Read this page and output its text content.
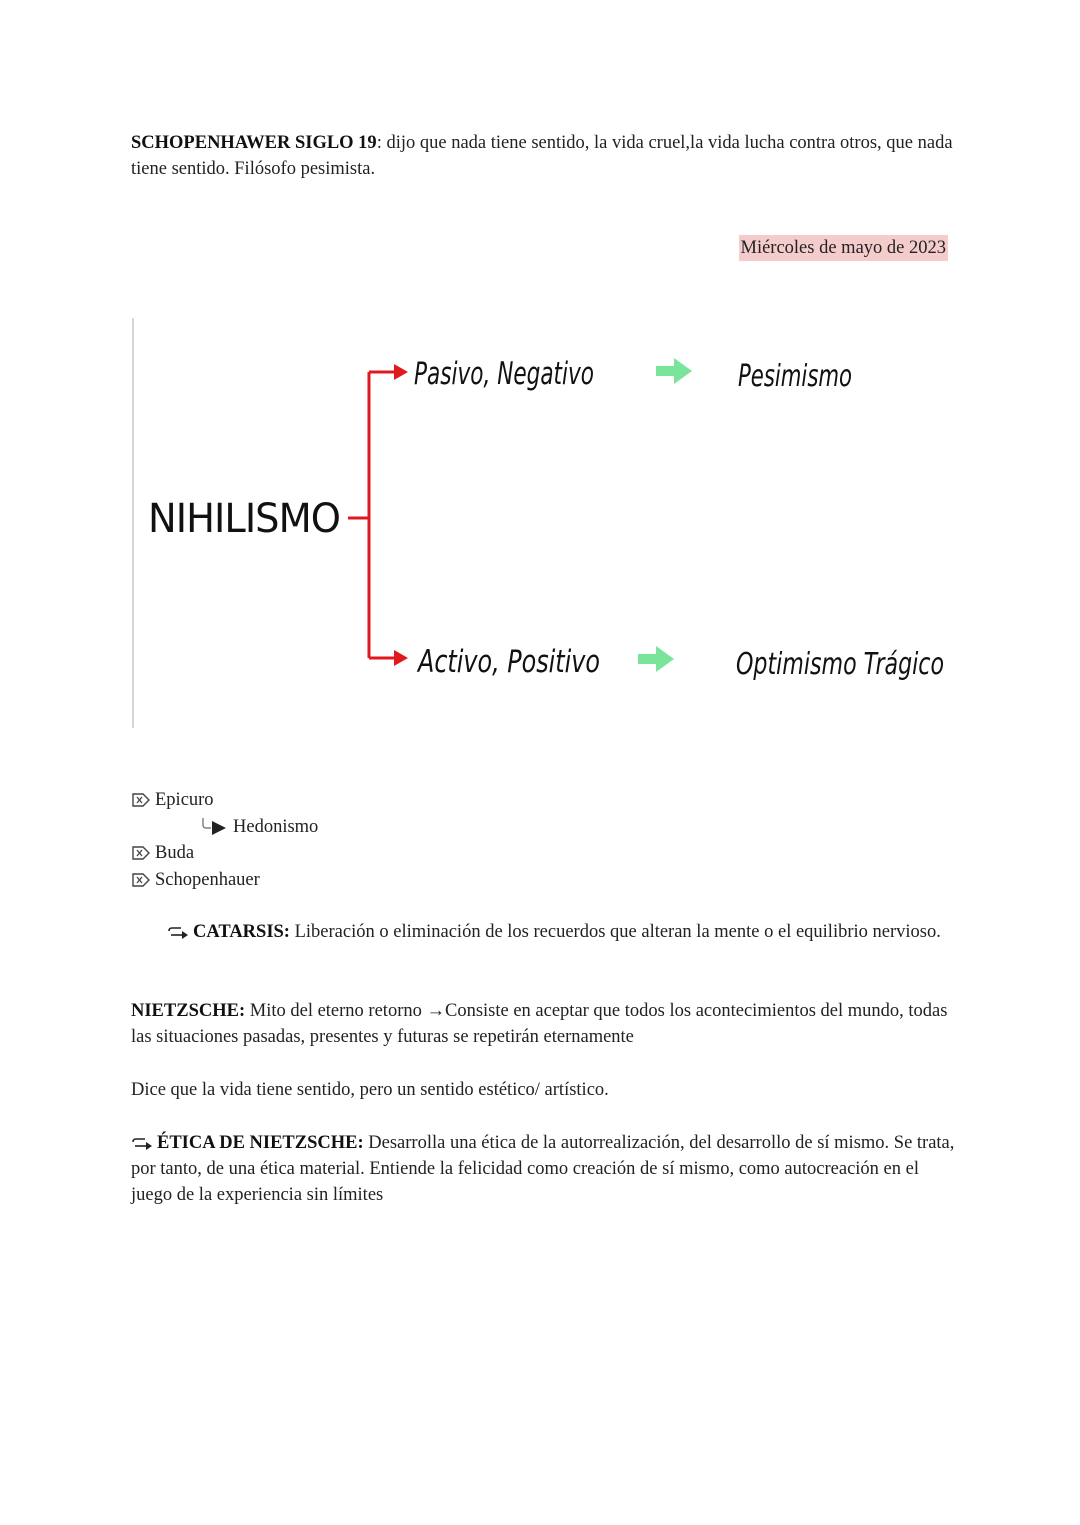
SCHOPENHAWER SIGLO 19: dijo que nada tiene sentido, la vida cruel,la vida lucha contra otros, que nada tiene sentido. Filósofo pesimista.
Miércoles de mayo de 2023
NIHILISMO
Pasivo, Negativo	Pesimismo
Activo, Positivo	Optimismo Trágico
Epicuro
Hedonismo
Buda
Schopenhauer
CATARSIS: Liberación o eliminación de los recuerdos que alteran la mente o el equilibrio nervioso.
NIETZSCHE: Mito del eterno retorno →Consiste en aceptar que todos los acontecimientos del mundo, todas las situaciones pasadas, presentes y futuras se repetirán eternamente
Dice que la vida tiene sentido, pero un sentido estético/ artístico.
ÉTICA DE NIETZSCHE: Desarrolla una ética de la autorrealización, del desarrollo de sí mismo. Se trata, por tanto, de una ética material. Entiende la felicidad como creación de sí mismo, como autocreación en el juego de la experiencia sin límites
